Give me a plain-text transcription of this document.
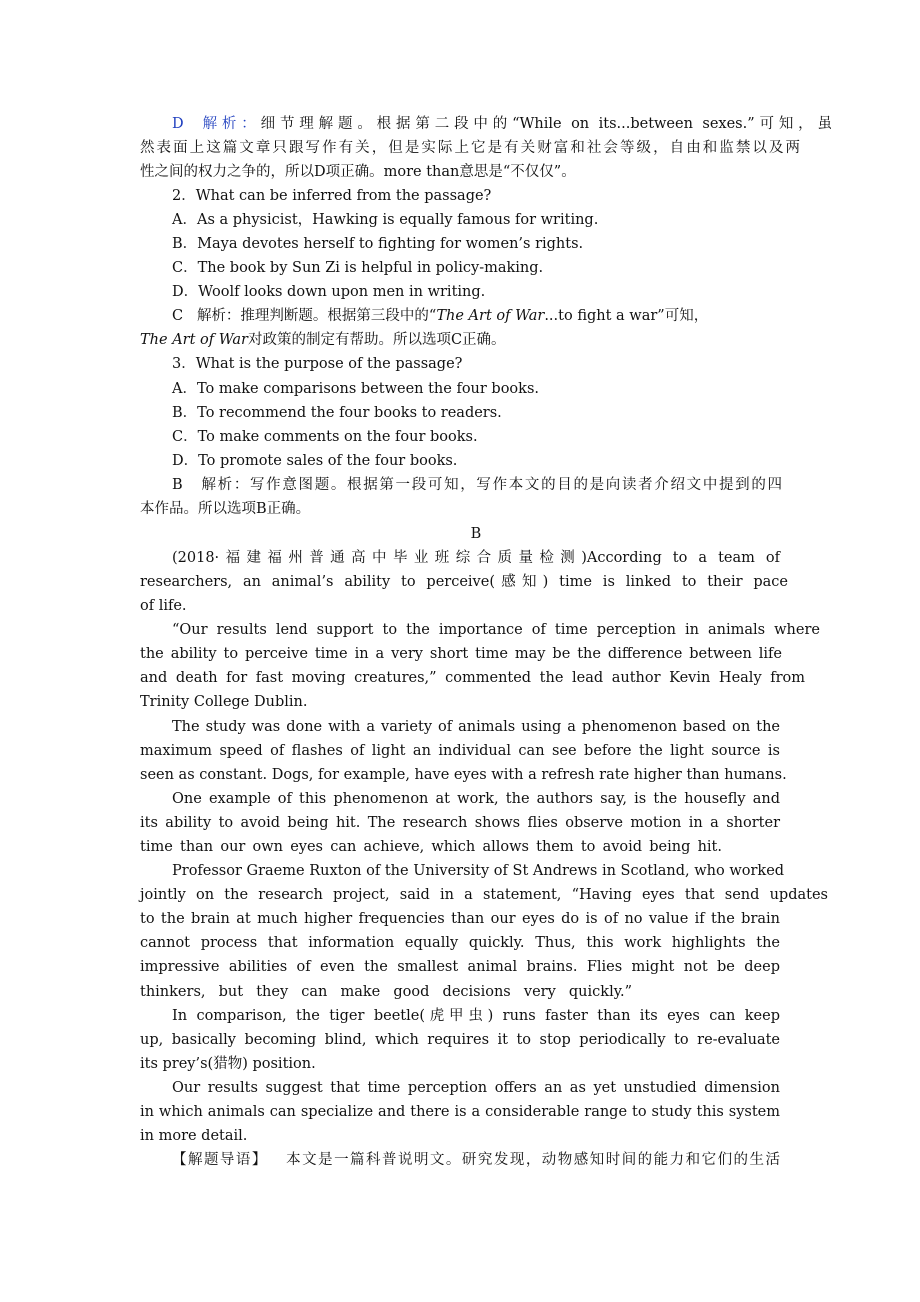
D 解析：细节理解题。根据第二段中的“While on its...between sexes.”可知，虽
然表面上这篇文章只跟写作有关，但是实际上它是有关财富和社会等级，自由和监禁以及两
性之间的权力之争的，所以D项正确。more than意思是“不仅仅”。
2．What can be inferred from the passage?
A．As a physicist，Hawking is equally famous for writing.
B．Maya devotes herself to fighting for women’s rights.
C．The book by Sun Zi is helpful in policy-making.
D．Woolf looks down upon men in writing.
C 解析：推理判断题。根据第三段中的“The Art of War...to fight a war”可知，
The Art of War对政策的制定有帮助。所以选项C正确。
3．What is the purpose of the passage?
A．To make comparisons between the four books.
B．To recommend the four books to readers.
C．To make comments on the four books.
D．To promote sales of the four books.
B 解析：写作意图题。根据第一段可知，写作本文的目的是向读者介绍文中提到的四
本作品。所以选项B正确。
B
(2018·福建福州普通高中毕业班综合质量检测)According to a team of
researchers, an animal’s ability to perceive(感知) time is linked to their pace
of life.
“Our results lend support to the importance of time perception in animals where
the ability to perceive time in a very short time may be the difference between life
and death for fast moving creatures,” commented the lead author Kevin Healy from
Trinity College Dublin.
The study was done with a variety of animals using a phenomenon based on the
maximum speed of flashes of light an individual can see before the light source is
seen as constant. Dogs, for example, have eyes with a refresh rate higher than humans.
One example of this phenomenon at work, the authors say, is the housefly and
its ability to avoid being hit. The research shows flies observe motion in a shorter
time than our own eyes can achieve, which allows them to avoid being hit.
Professor Graeme Ruxton of the University of St Andrews in Scotland, who worked
jointly on the research project, said in a statement, “Having eyes that send updates
to the brain at much higher frequencies than our eyes do is of no value if the brain
cannot process that information equally quickly. Thus, this work highlights the
impressive abilities of even the smallest animal brains. Flies might not be deep
thinkers, but they can make good decisions very quickly.”
In comparison, the tiger beetle(虎甲虫) runs faster than its eyes can keep
up, basically becoming blind, which requires it to stop periodically to re-evaluate
its prey’s(猎物) position.
Our results suggest that time perception offers an as yet unstudied dimension
in which animals can specialize and there is a considerable range to study this system
in more detail.
【解题导语】 本文是一篇科普说明文。研究发现，动物感知时间的能力和它们的生活
